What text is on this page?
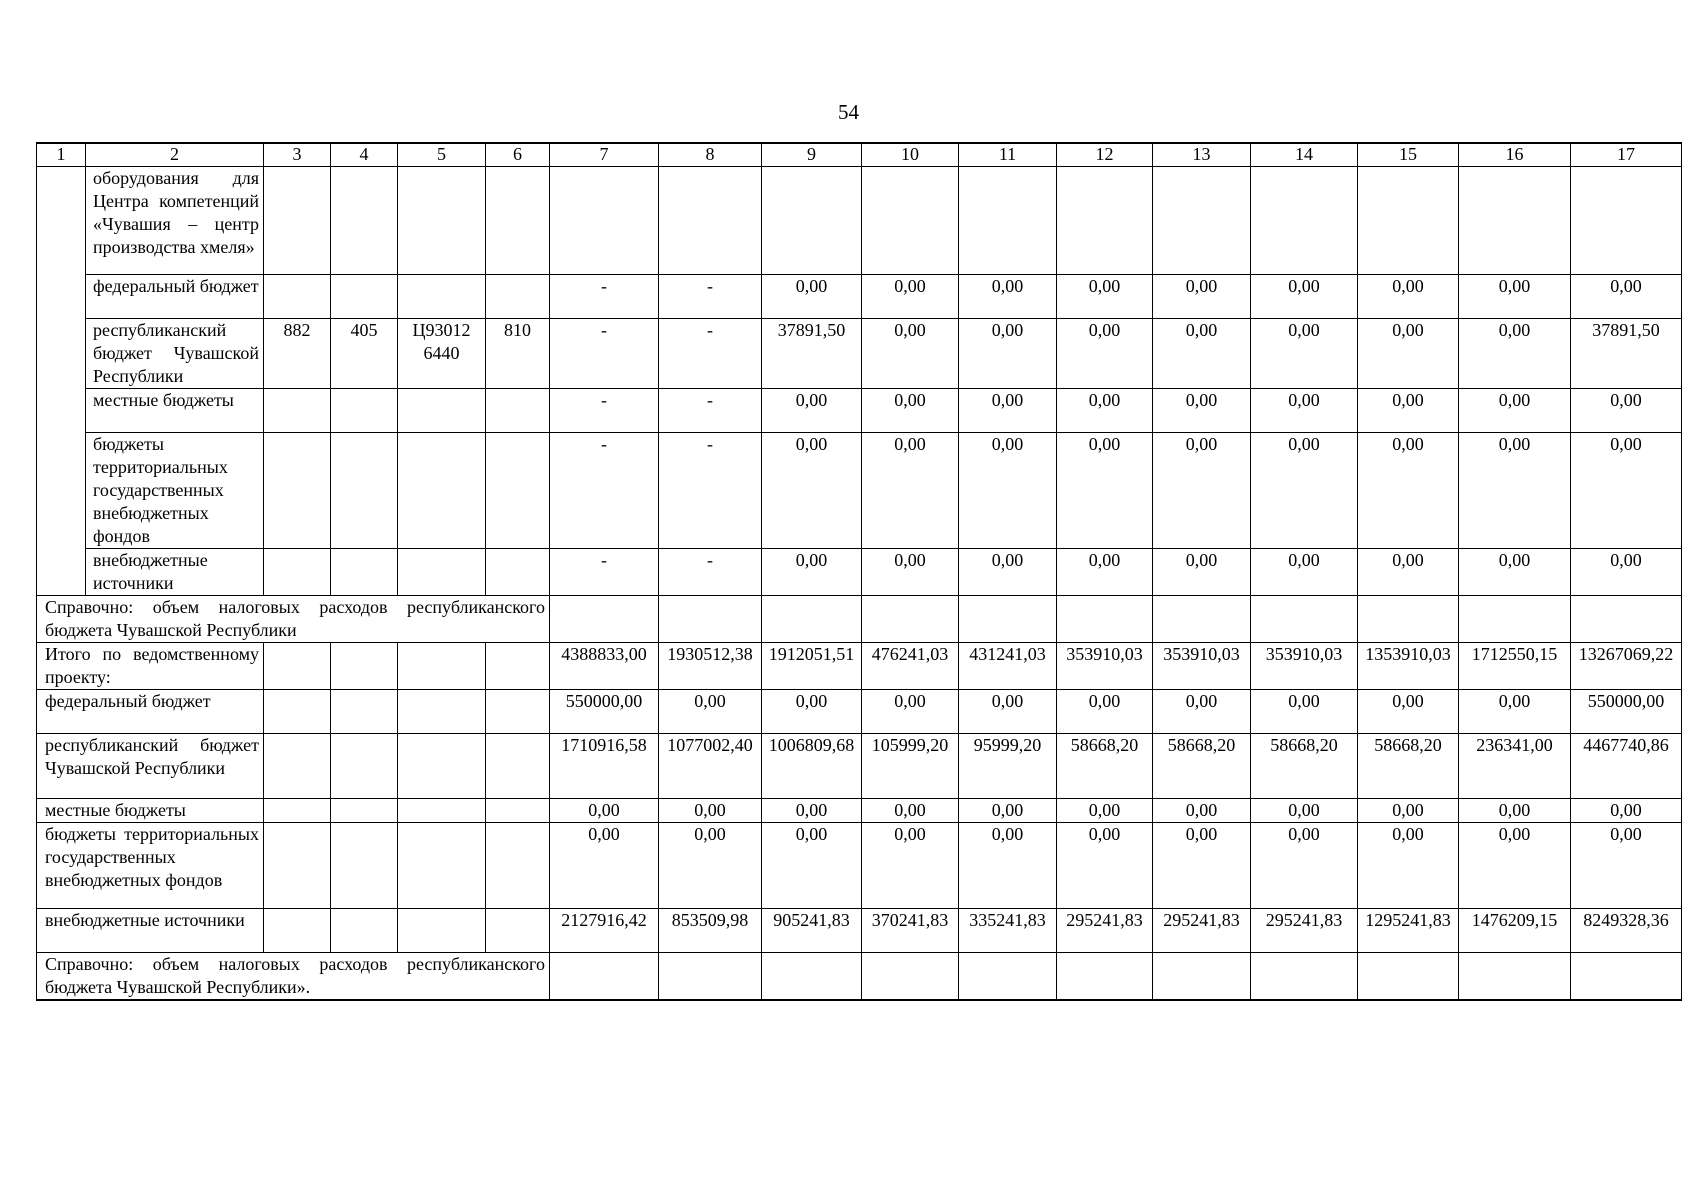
54
1	2	3	4	5	6	7	8	9	10	11	12	13	14	15	16	17
	оборудования для Центра компетенций «Чувашия – центр производства хмеля»															
	федеральный бюджет					-	-	0,00	0,00	0,00	0,00	0,00	0,00	0,00	0,00	0,00
	республиканский бюджет Чувашской Республики	882	405	Ц93012 6440	810	-	-	37891,50	0,00	0,00	0,00	0,00	0,00	0,00	0,00	37891,50
	местные бюджеты					-	-	0,00	0,00	0,00	0,00	0,00	0,00	0,00	0,00	0,00
	бюджеты территориальных государственных внебюджетных фондов					-	-	0,00	0,00	0,00	0,00	0,00	0,00	0,00	0,00	0,00
	внебюджетные источники					-	-	0,00	0,00	0,00	0,00	0,00	0,00	0,00	0,00	0,00
Справочно: объем налоговых расходов республиканского бюджета Чувашской Республики																
Итого по ведомственному проекту:						4388833,00	1930512,38	1912051,51	476241,03	431241,03	353910,03	353910,03	353910,03	1353910,03	1712550,15	13267069,22
федеральный бюджет						550000,00	0,00	0,00	0,00	0,00	0,00	0,00	0,00	0,00	0,00	550000,00
республиканский бюджет Чувашской Республики						1710916,58	1077002,40	1006809,68	105999,20	95999,20	58668,20	58668,20	58668,20	58668,20	236341,00	4467740,86
местные бюджеты						0,00	0,00	0,00	0,00	0,00	0,00	0,00	0,00	0,00	0,00	0,00
бюджеты территориальных государственных внебюджетных фондов						0,00	0,00	0,00	0,00	0,00	0,00	0,00	0,00	0,00	0,00	0,00
внебюджетные источники						2127916,42	853509,98	905241,83	370241,83	335241,83	295241,83	295241,83	295241,83	1295241,83	1476209,15	8249328,36
Справочно: объем налоговых расходов республиканского бюджета Чувашской Республики».																
